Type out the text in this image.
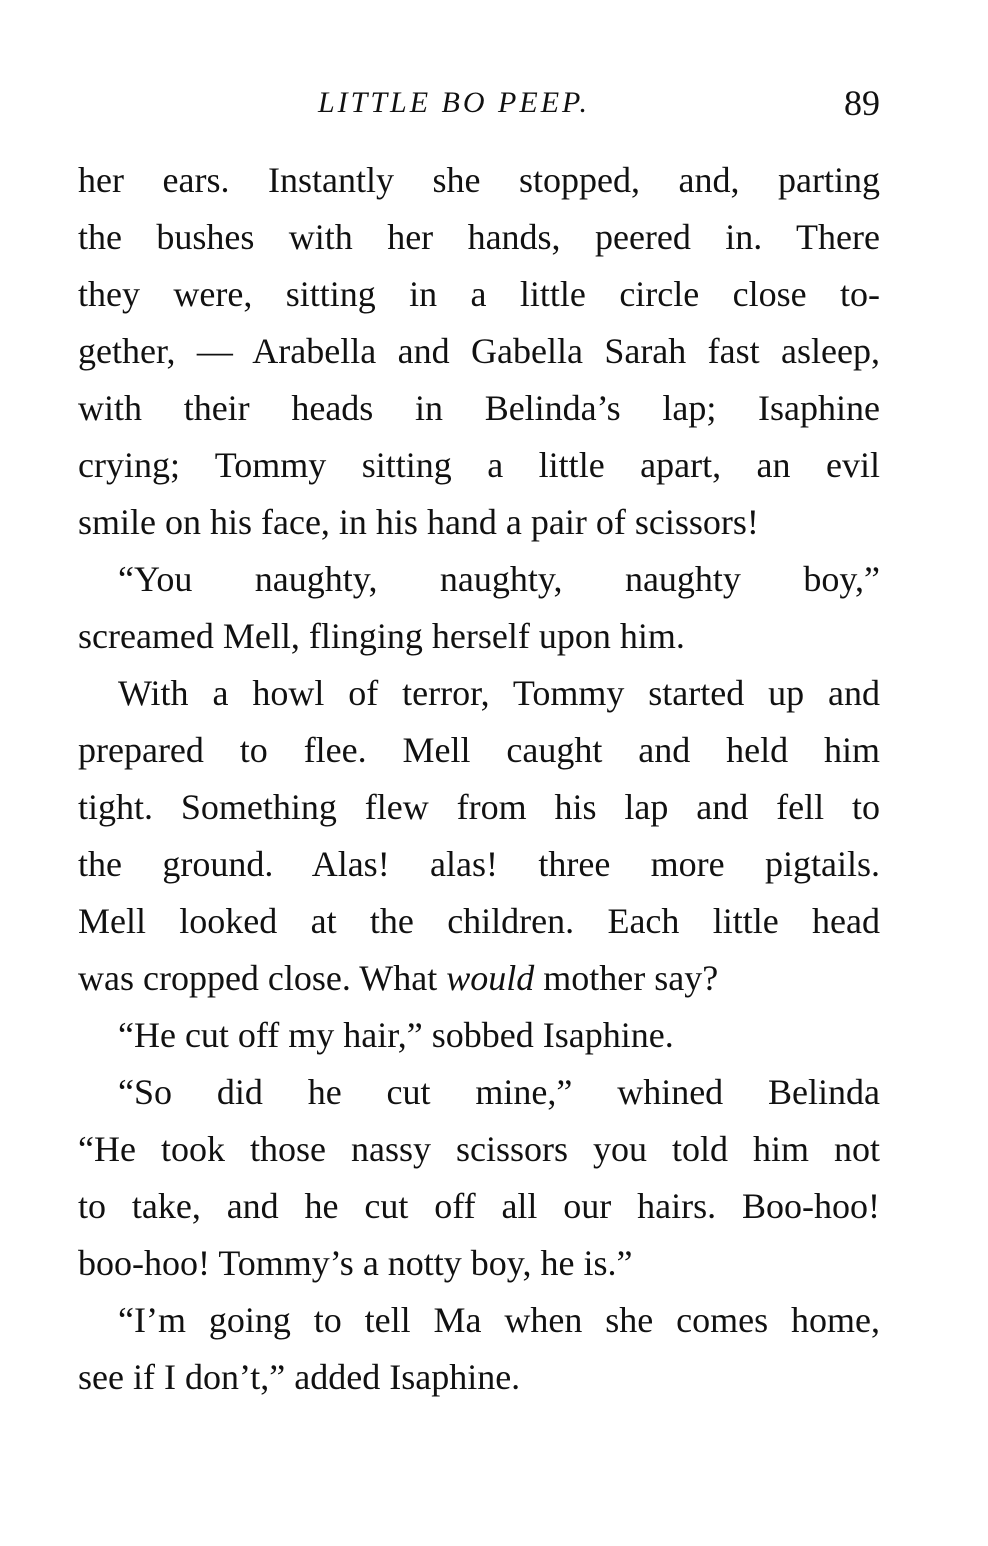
LITTLE BO PEEP.	89
her ears. Instantly she stopped, and, parting
the bushes with her hands, peered in. There
they were, sitting in a little circle close to-
gether, — Arabella and Gabella Sarah fast asleep,
with their heads in Belinda’s lap; Isaphine
crying; Tommy sitting a little apart, an evil
smile on his face, in his hand a pair of scissors!
“You naughty, naughty, naughty boy,”
screamed Mell, flinging herself upon him.
With a howl of terror, Tommy started up and
prepared to flee. Mell caught and held him
tight. Something flew from his lap and fell to
the ground. Alas! alas! three more pigtails.
Mell looked at the children. Each little head
was cropped close. What would mother say?
“He cut off my hair,” sobbed Isaphine.
“So did he cut mine,” whined Belinda
“He took those nassy scissors you told him not
to take, and he cut off all our hairs. Boo-hoo!
boo-hoo! Tommy’s a notty boy, he is.”
“I’m going to tell Ma when she comes home,
see if I don’t,” added Isaphine.
